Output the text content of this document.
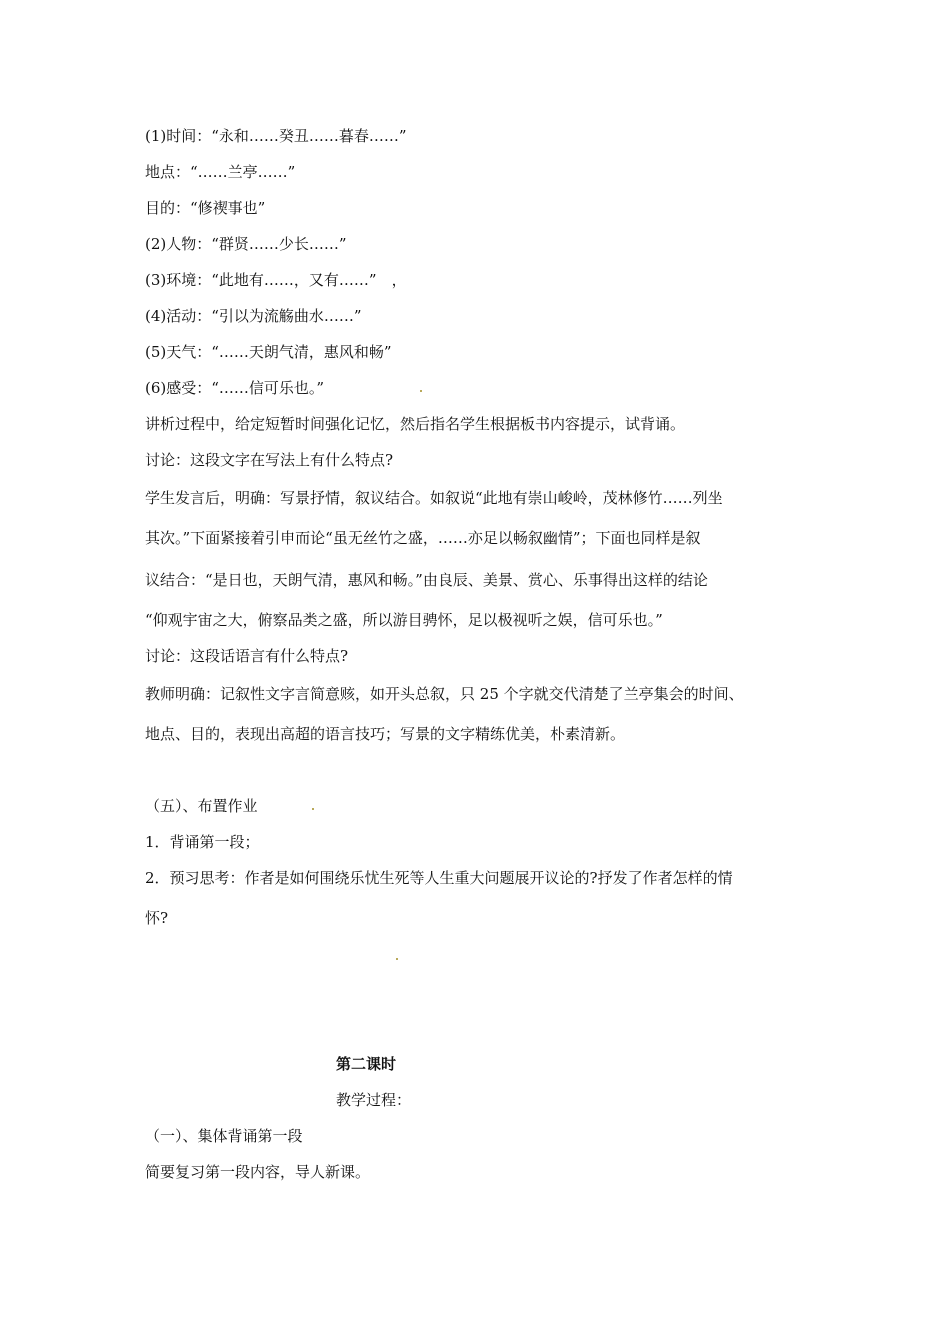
(1)时间：“永和……癸丑……暮春……”
地点：“……兰亭……”
目的：“修禊事也”
(2)人物：“群贤……少长……”
(3)环境：“此地有……，又有……”　，
(4)活动：“引以为流觞曲水……”
(5)天气：“……天朗气清，惠风和畅”
(6)感受：“……信可乐也。”
讲析过程中，给定短暂时间强化记忆，然后指名学生根据板书内容提示，试背诵。
讨论：这段文字在写法上有什么特点?
学生发言后，明确：写景抒情，叙议结合。如叙说“此地有崇山峻岭，茂林修竹……列坐
其次。”下面紧接着引申而论“虽无丝竹之盛，……亦足以畅叙幽情”；下面也同样是叙
议结合：“是日也，天朗气清，惠风和畅。”由良辰、美景、赏心、乐事得出这样的结论
“仰观宇宙之大，俯察品类之盛，所以游目骋怀，足以极视听之娱，信可乐也。”
讨论：这段话语言有什么特点?
教师明确：记叙性文字言简意赅，如开头总叙，只 25 个字就交代清楚了兰亭集会的时间、
地点、目的，表现出高超的语言技巧；写景的文字精练优美，朴素清新。
（五）、布置作业
1．背诵第一段；
2．预习思考：作者是如何围绕乐忧生死等人生重大问题展开议论的?抒发了作者怎样的情
怀?
第二课时
教学过程：
（一）、集体背诵第一段
简要复习第一段内容，导人新课。
